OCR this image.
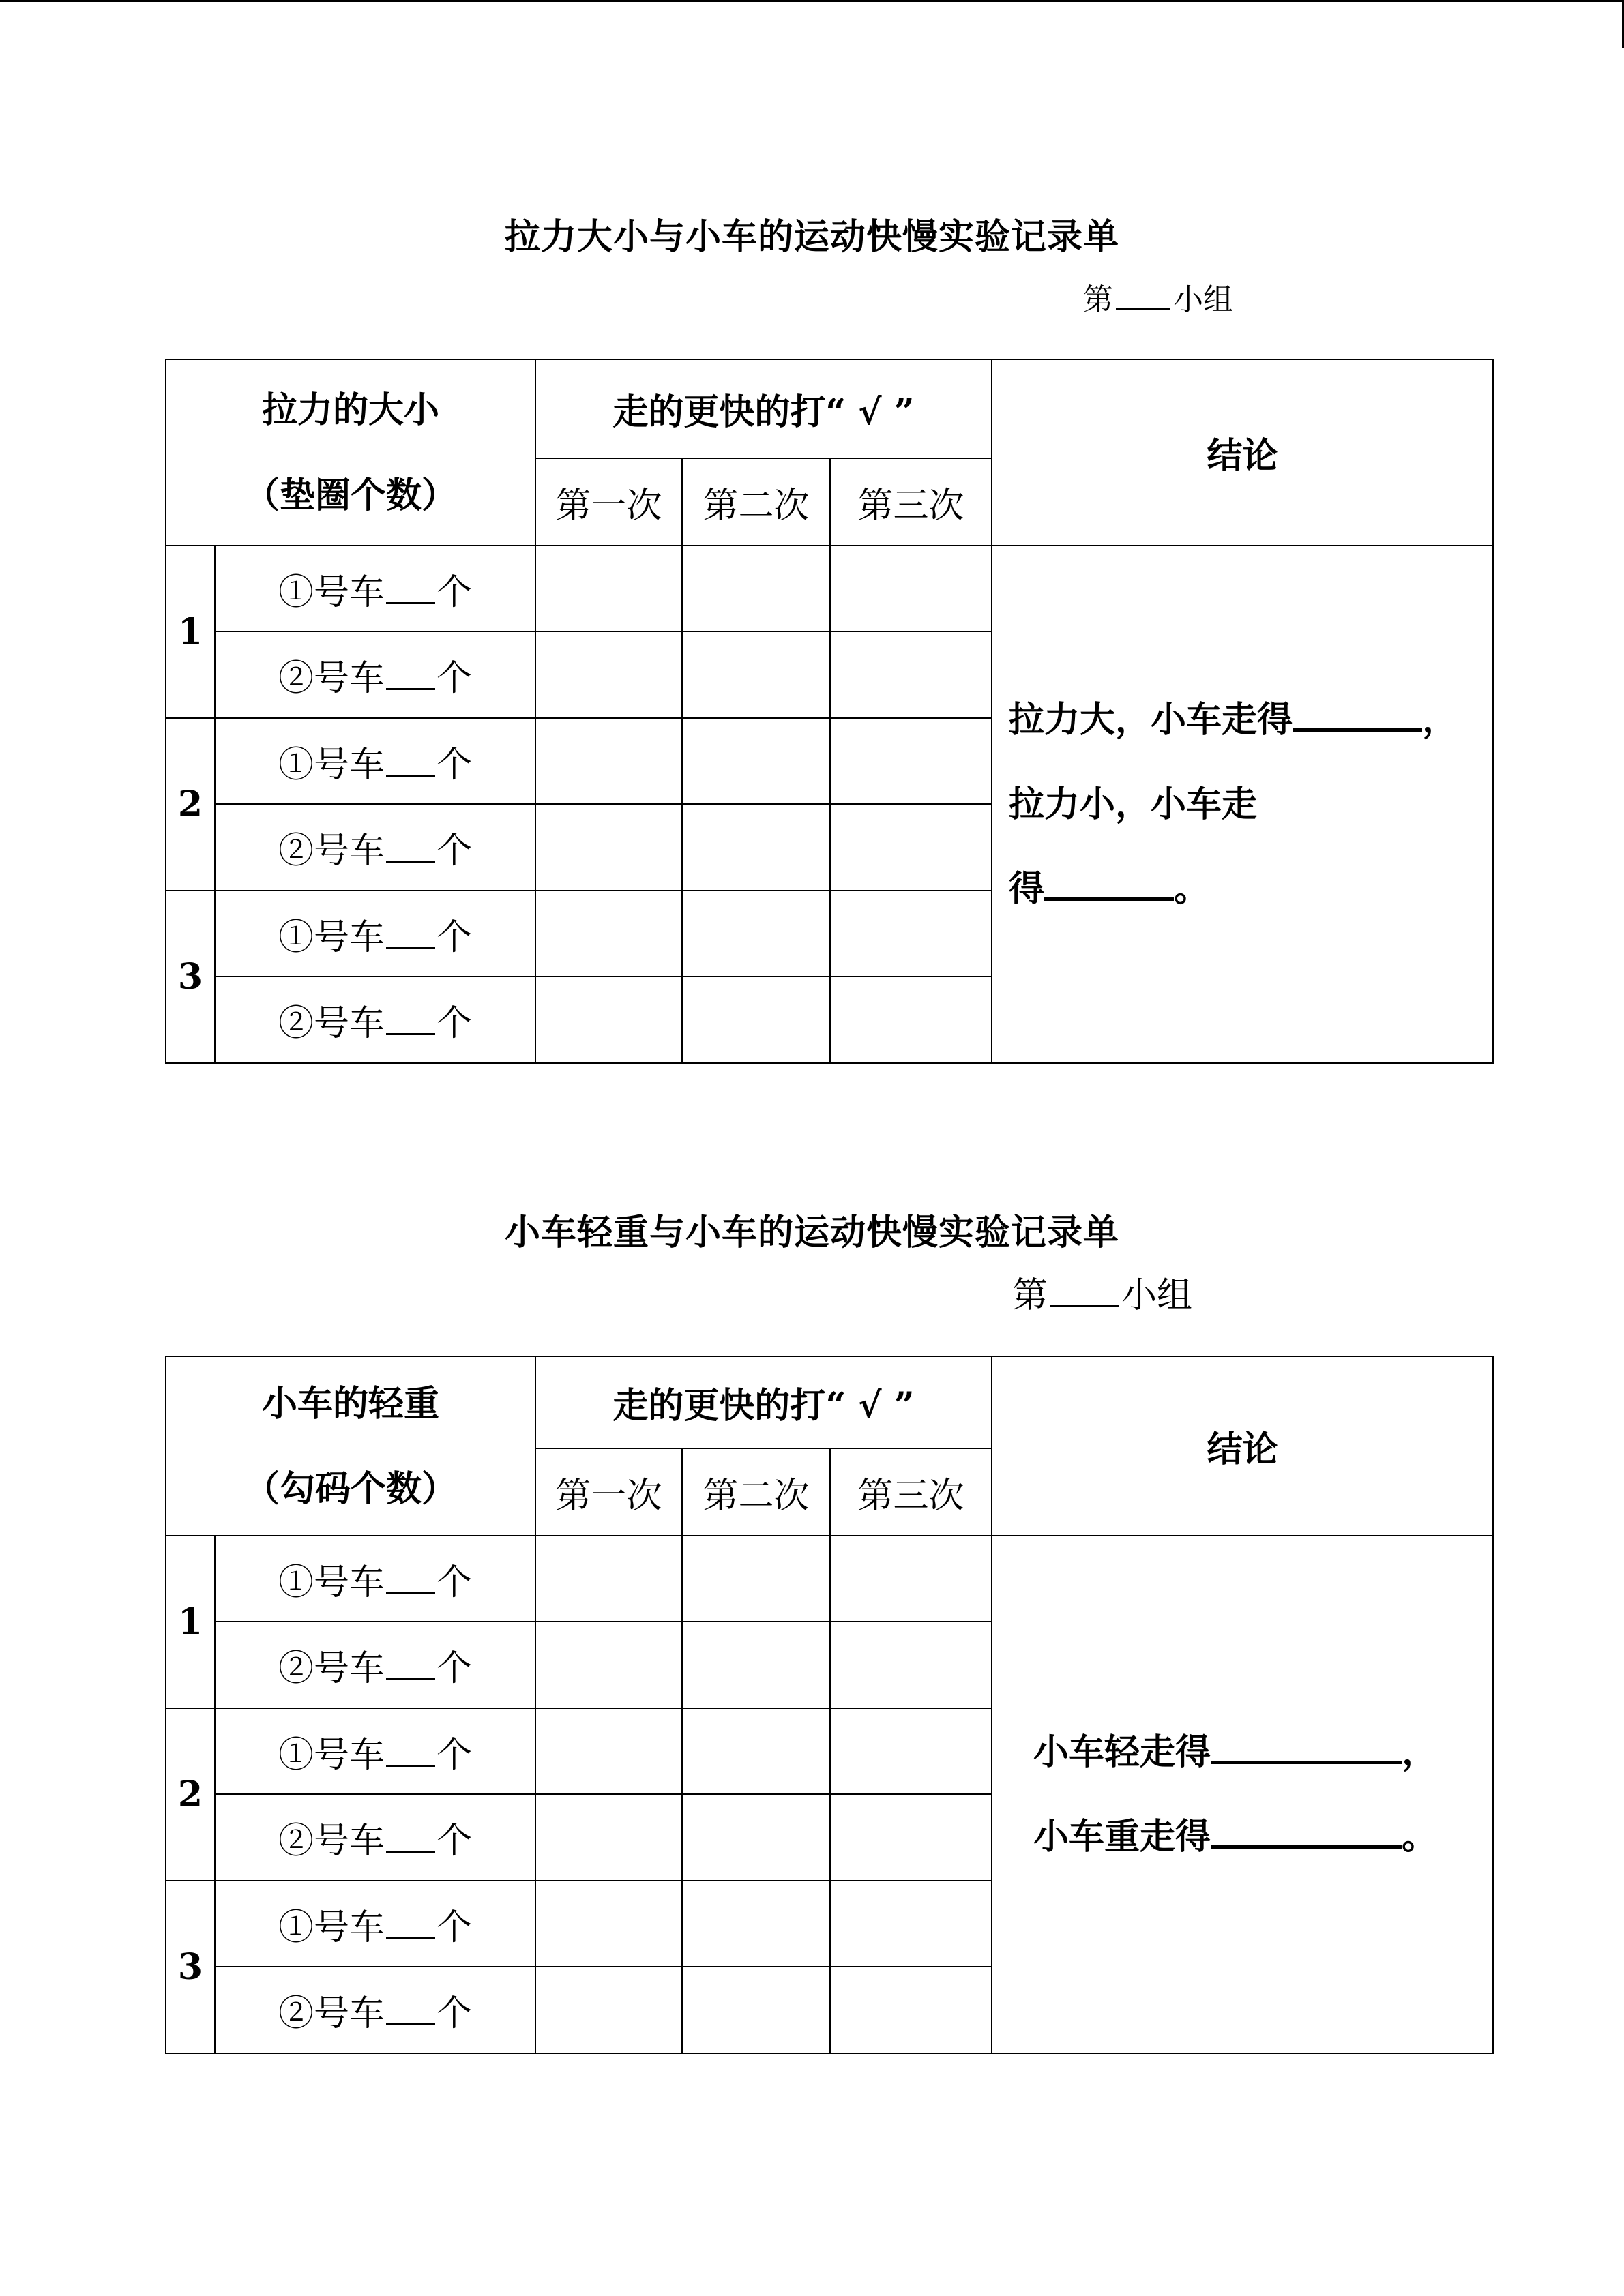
拉力大小与小车的运动快慢实验记录单
第 小组
拉力的大小
（垫圈个数）		走的更快的打“ √ ”			结论
		第一次	第二次	第三次	
1	①号车 个				拉力大，小车走得 ，
拉力小，小车走
得 。

	②号车 个				
2	①号车 个				
	②号车 个				
3	①号车 个				
	②号车 个				
小车轻重与小车的运动快慢实验记录单
第 小组
小车的轻重
（勾码个数）		走的更快的打“ √ ”			结论
		第一次	第二次	第三次	
1	①号车 个				小车轻走得 ，
小车重走得 。

	②号车 个				
2	①号车 个				
	②号车 个				
3	①号车 个				
	②号车 个				
